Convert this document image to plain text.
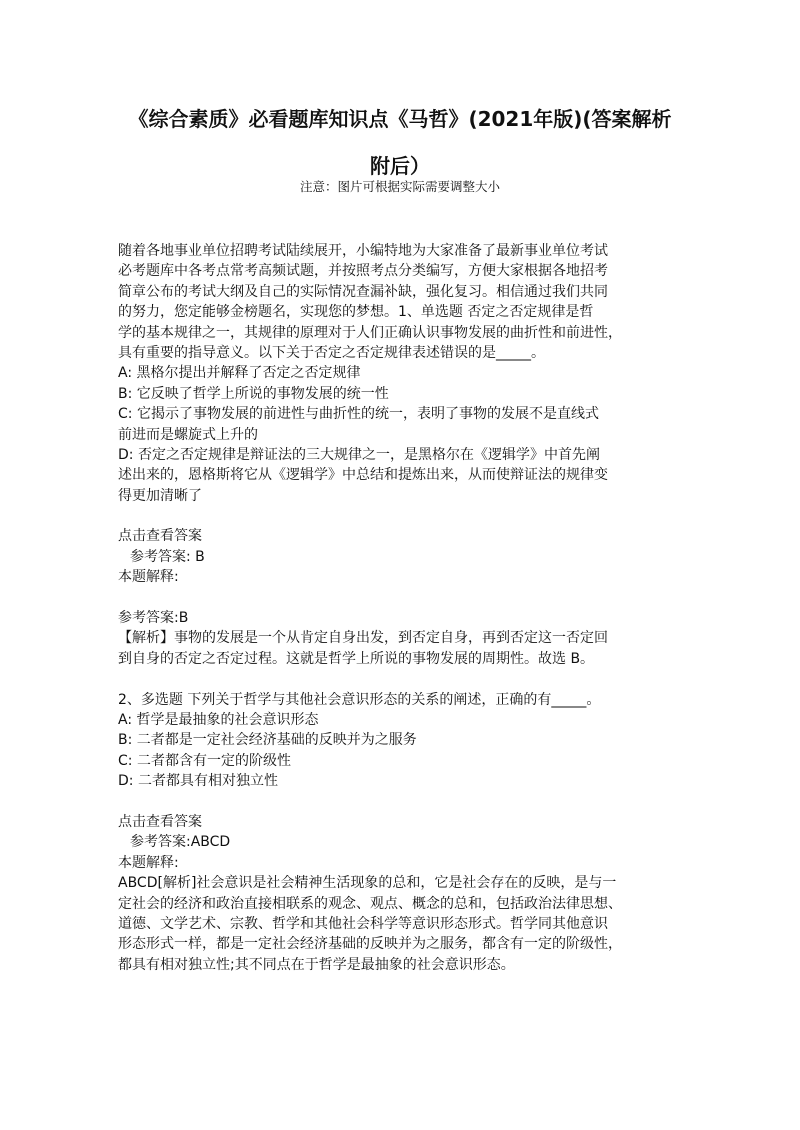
《综合素质》必看题库知识点《马哲》(2021年版)(答案解析
附后）
注意：图片可根据实际需要调整大小
随着各地事业单位招聘考试陆续展开，小编特地为大家准备了最新事业单位考试
必考题库中各考点常考高频试题，并按照考点分类编写，方便大家根据各地招考
简章公布的考试大纲及自己的实际情况查漏补缺，强化复习。相信通过我们共同
的努力，您定能够金榜题名，实现您的梦想。1、单选题 否定之否定规律是哲
学的基本规律之一，其规律的原理对于人们正确认识事物发展的曲折性和前进性，
具有重要的指导意义。以下关于否定之否定规律表述错误的是_____。
A: 黑格尔提出并解释了否定之否定规律
B: 它反映了哲学上所说的事物发展的统一性
C: 它揭示了事物发展的前进性与曲折性的统一，表明了事物的发展不是直线式
前进而是螺旋式上升的
D: 否定之否定规律是辩证法的三大规律之一，是黑格尔在《逻辑学》中首先阐
述出来的，恩格斯将它从《逻辑学》中总结和提炼出来，从而使辩证法的规律变
得更加清晰了
点击查看答案
参考答案: B
本题解释:
参考答案:B
【解析】事物的发展是一个从肯定自身出发，到否定自身，再到否定这一否定回
到自身的否定之否定过程。这就是哲学上所说的事物发展的周期性。故选 B。
2、多选题 下列关于哲学与其他社会意识形态的关系的阐述，正确的有_____。
A: 哲学是最抽象的社会意识形态
B: 二者都是一定社会经济基础的反映并为之服务
C: 二者都含有一定的阶级性
D: 二者都具有相对独立性
点击查看答案
参考答案:ABCD
本题解释:
ABCD[解析]社会意识是社会精神生活现象的总和，它是社会存在的反映，是与一
定社会的经济和政治直接相联系的观念、观点、概念的总和，包括政治法律思想、
道德、文学艺术、宗教、哲学和其他社会科学等意识形态形式。哲学同其他意识
形态形式一样，都是一定社会经济基础的反映并为之服务，都含有一定的阶级性，
都具有相对独立性;其不同点在于哲学是最抽象的社会意识形态。
